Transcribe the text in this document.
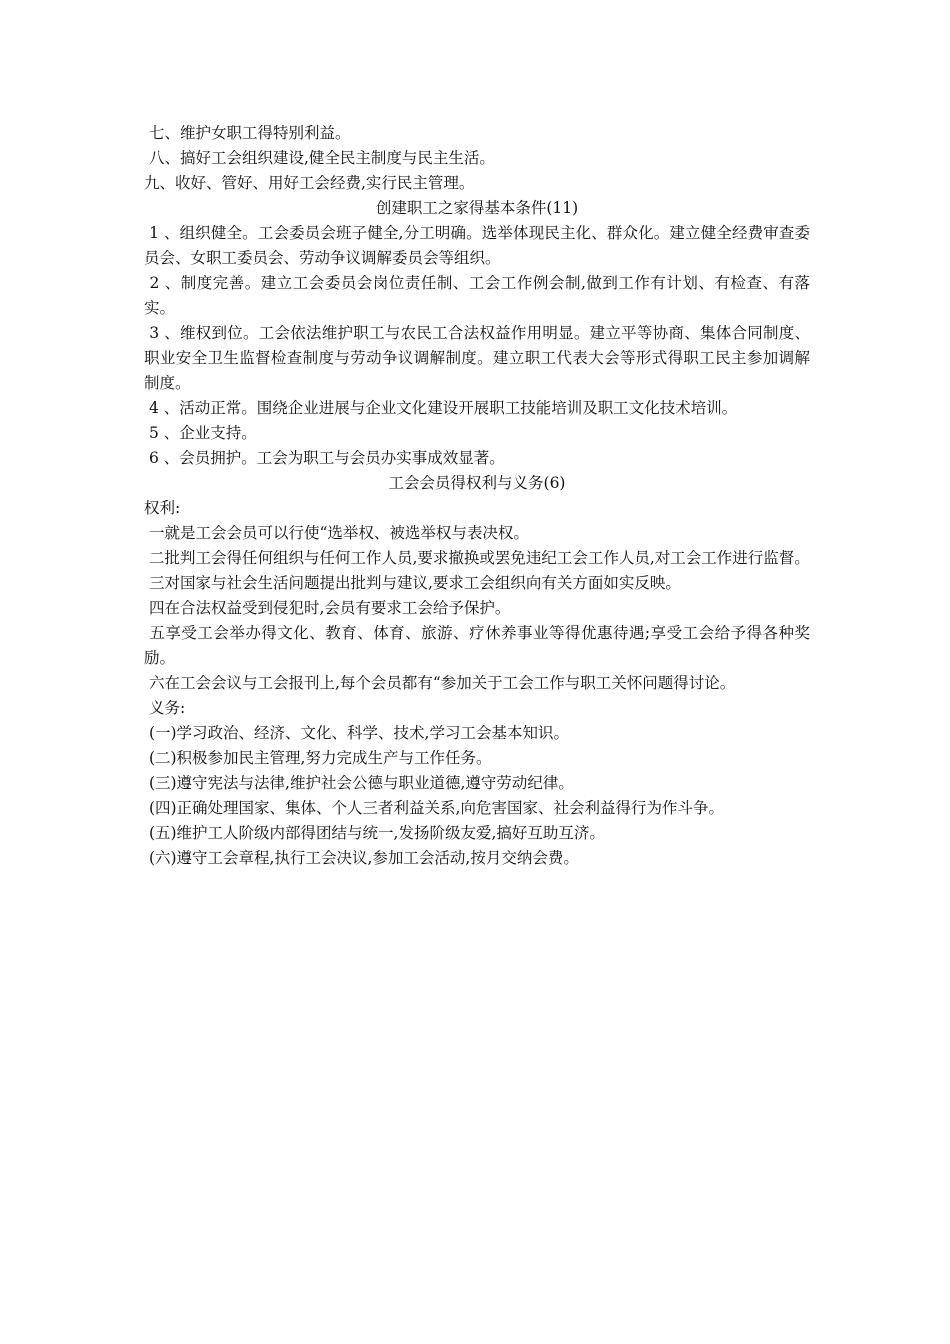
七、维护女职工得特别利益。

八、搞好工会组织建设,健全民主制度与民主生活。

九、收好、管好、用好工会经费,实行民主管理。

创建职工之家得基本条件(11)

1 、组织健全。工会委员会班子健全,分工明确。选举体现民主化、群众化。建立健全经费审查委员会、女职工委员会、劳动争议调解委员会等组织。

2 、制度完善。建立工会委员会岗位责任制、工会工作例会制,做到工作有计划、有检查、有落实。

3 、维权到位。工会依法维护职工与农民工合法权益作用明显。建立平等协商、集体合同制度、职业安全卫生监督检查制度与劳动争议调解制度。建立职工代表大会等形式得职工民主参加调解制度。

4 、活动正常。围绕企业进展与企业文化建设开展职工技能培训及职工文化技术培训。

5 、企业支持。

6 、会员拥护。工会为职工与会员办实事成效显著。

工会会员得权利与义务(6)

权利:

一就是工会会员可以行使“选举权、被选举权与表决权。

二批判工会得任何组织与任何工作人员,要求撤换或罢免违纪工会工作人员,对工会工作进行监督。

三对国家与社会生活问题提出批判与建议,要求工会组织向有关方面如实反映。

四在合法权益受到侵犯时,会员有要求工会给予保护。

五享受工会举办得文化、教育、体育、旅游、疗休养事业等得优惠待遇;享受工会给予得各种奖励。

六在工会会议与工会报刊上,每个会员都有“参加关于工会工作与职工关怀问题得讨论。

义务:

(一)学习政治、经济、文化、科学、技术,学习工会基本知识。

(二)积极参加民主管理,努力完成生产与工作任务。

(三)遵守宪法与法律,维护社会公德与职业道德,遵守劳动纪律。

(四)正确处理国家、集体、个人三者利益关系,向危害国家、社会利益得行为作斗争。

(五)维护工人阶级内部得团结与统一,发扬阶级友爱,搞好互助互济。

(六)遵守工会章程,执行工会决议,参加工会活动,按月交纳会费。
